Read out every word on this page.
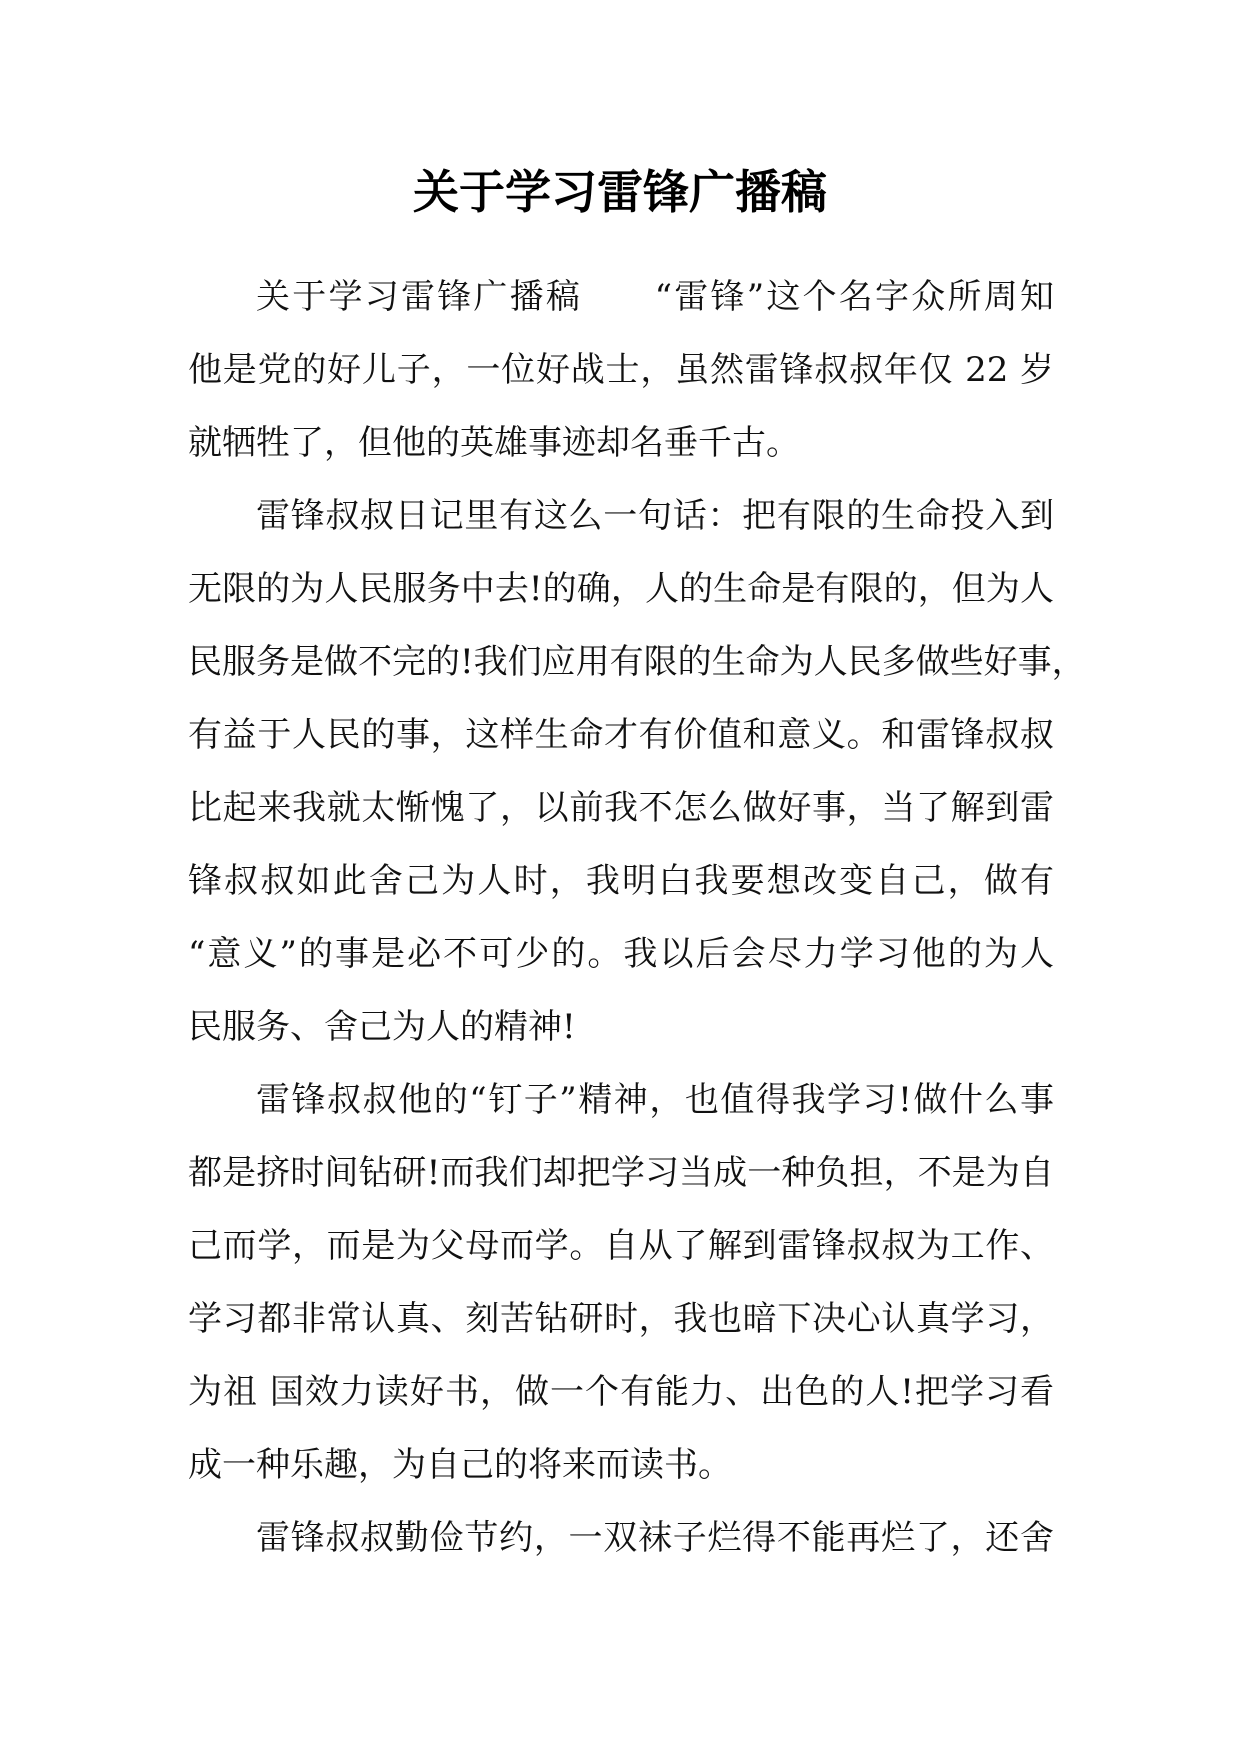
关于学习雷锋广播稿
关于学习雷锋广播稿　　“雷锋”这个名字众所周知
他是党的好儿子，一位好战士，虽然雷锋叔叔年仅 22 岁
就牺牲了，但他的英雄事迹却名垂千古。
雷锋叔叔日记里有这么一句话：把有限的生命投入到
无限的为人民服务中去!的确，人的生命是有限的，但为人
民服务是做不完的!我们应用有限的生命为人民多做些好事，
有益于人民的事，这样生命才有价值和意义。和雷锋叔叔
比起来我就太惭愧了，以前我不怎么做好事，当了解到雷
锋叔叔如此舍己为人时，我明白我要想改变自己，做有
“意义”的事是必不可少的。我以后会尽力学习他的为人
民服务、舍己为人的精神!
雷锋叔叔他的“钉子”精神，也值得我学习!做什么事
都是挤时间钻研!而我们却把学习当成一种负担，不是为自
己而学，而是为父母而学。自从了解到雷锋叔叔为工作、
学习都非常认真、刻苦钻研时，我也暗下决心认真学习，
为祖 国效力读好书，做一个有能力、出色的人!把学习看
成一种乐趣，为自己的将来而读书。
雷锋叔叔勤俭节约，一双袜子烂得不能再烂了，还舍
